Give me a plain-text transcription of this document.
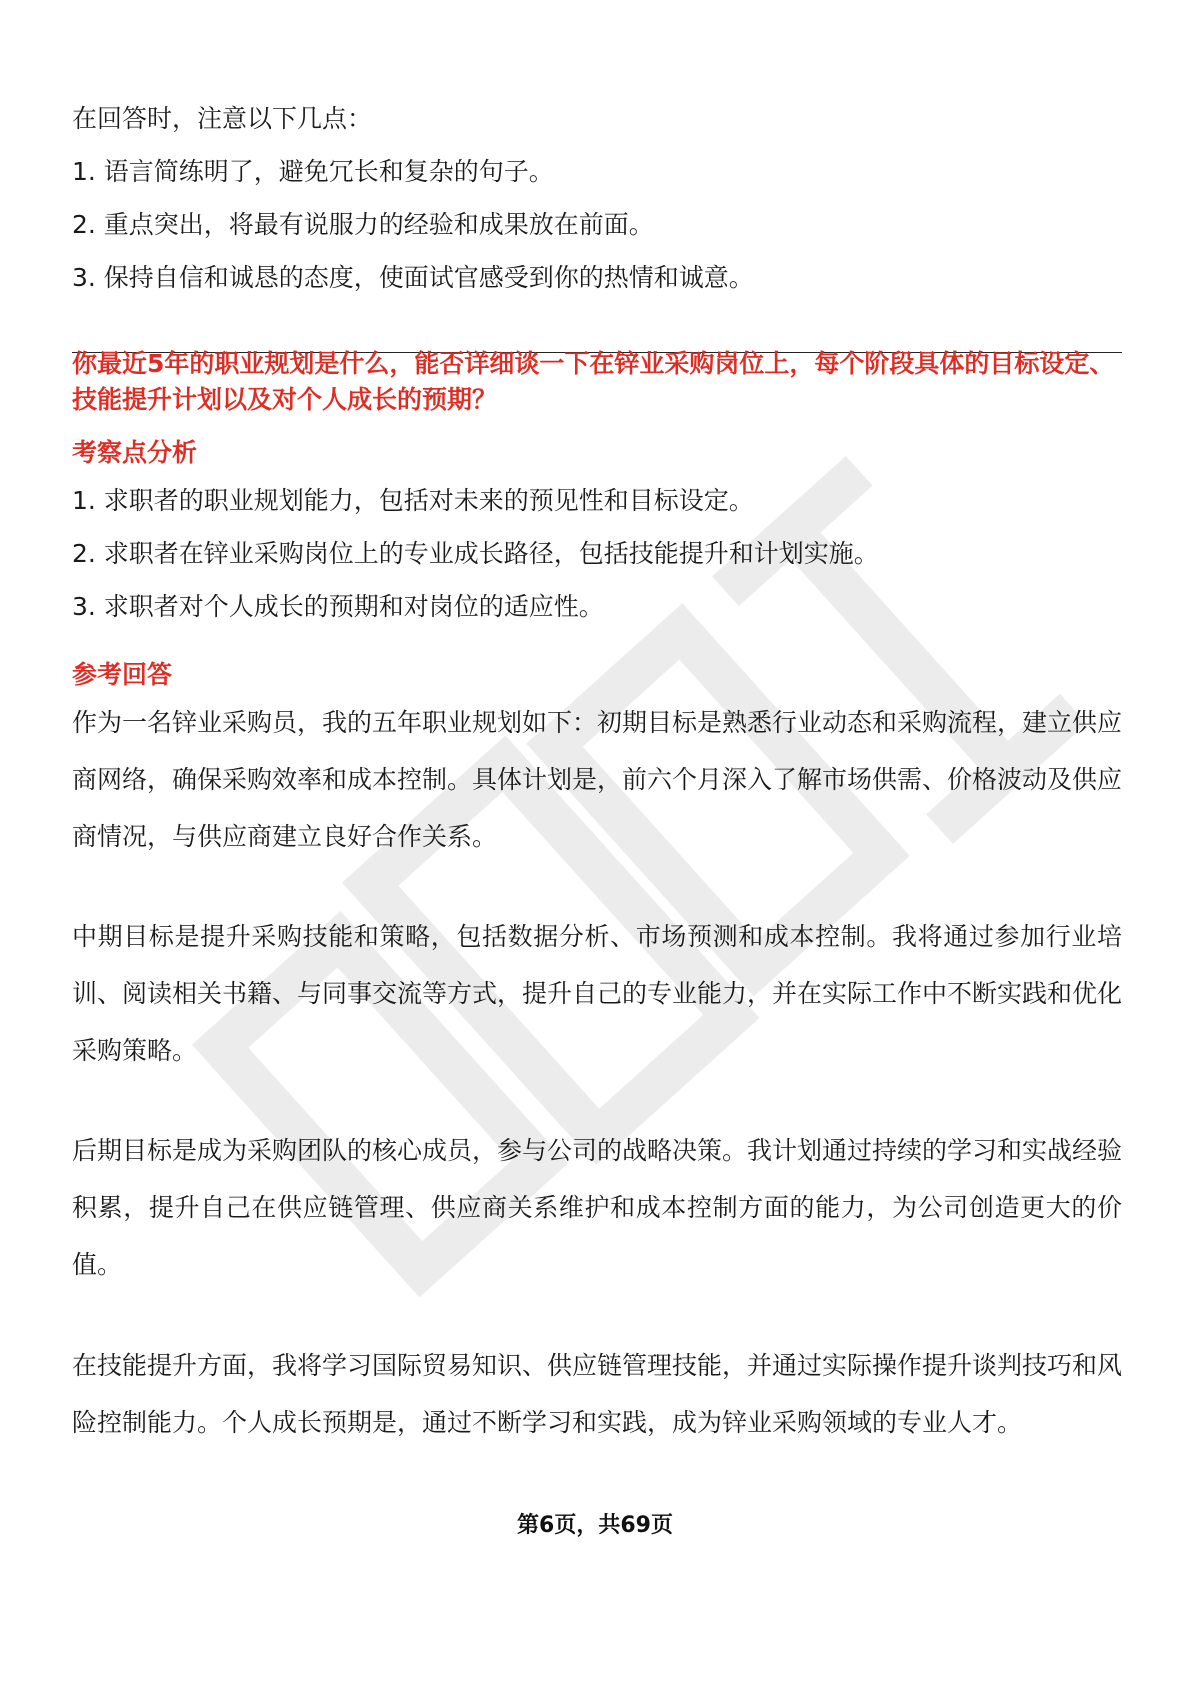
在回答时，注意以下几点：
1. 语言简练明了，避免冗长和复杂的句子。
2. 重点突出，将最有说服力的经验和成果放在前面。
3. 保持自信和诚恳的态度，使面试官感受到你的热情和诚意。
你最近5年的职业规划是什么，能否详细谈一下在锌业采购岗位上，每个阶段具体的目标设定、技能提升计划以及对个人成长的预期？
考察点分析
1. 求职者的职业规划能力，包括对未来的预见性和目标设定。
2. 求职者在锌业采购岗位上的专业成长路径，包括技能提升和计划实施。
3. 求职者对个人成长的预期和对岗位的适应性。
参考回答
作为一名锌业采购员，我的五年职业规划如下：初期目标是熟悉行业动态和采购流程，建立供应商网络，确保采购效率和成本控制。具体计划是，前六个月深入了解市场供需、价格波动及供应商情况，与供应商建立良好合作关系。
中期目标是提升采购技能和策略，包括数据分析、市场预测和成本控制。我将通过参加行业培训、阅读相关书籍、与同事交流等方式，提升自己的专业能力，并在实际工作中不断实践和优化采购策略。
后期目标是成为采购团队的核心成员，参与公司的战略决策。我计划通过持续的学习和实战经验积累，提升自己在供应链管理、供应商关系维护和成本控制方面的能力，为公司创造更大的价值。
在技能提升方面，我将学习国际贸易知识、供应链管理技能，并通过实际操作提升谈判技巧和风险控制能力。个人成长预期是，通过不断学习和实践，成为锌业采购领域的专业人才。
第6页，共69页
